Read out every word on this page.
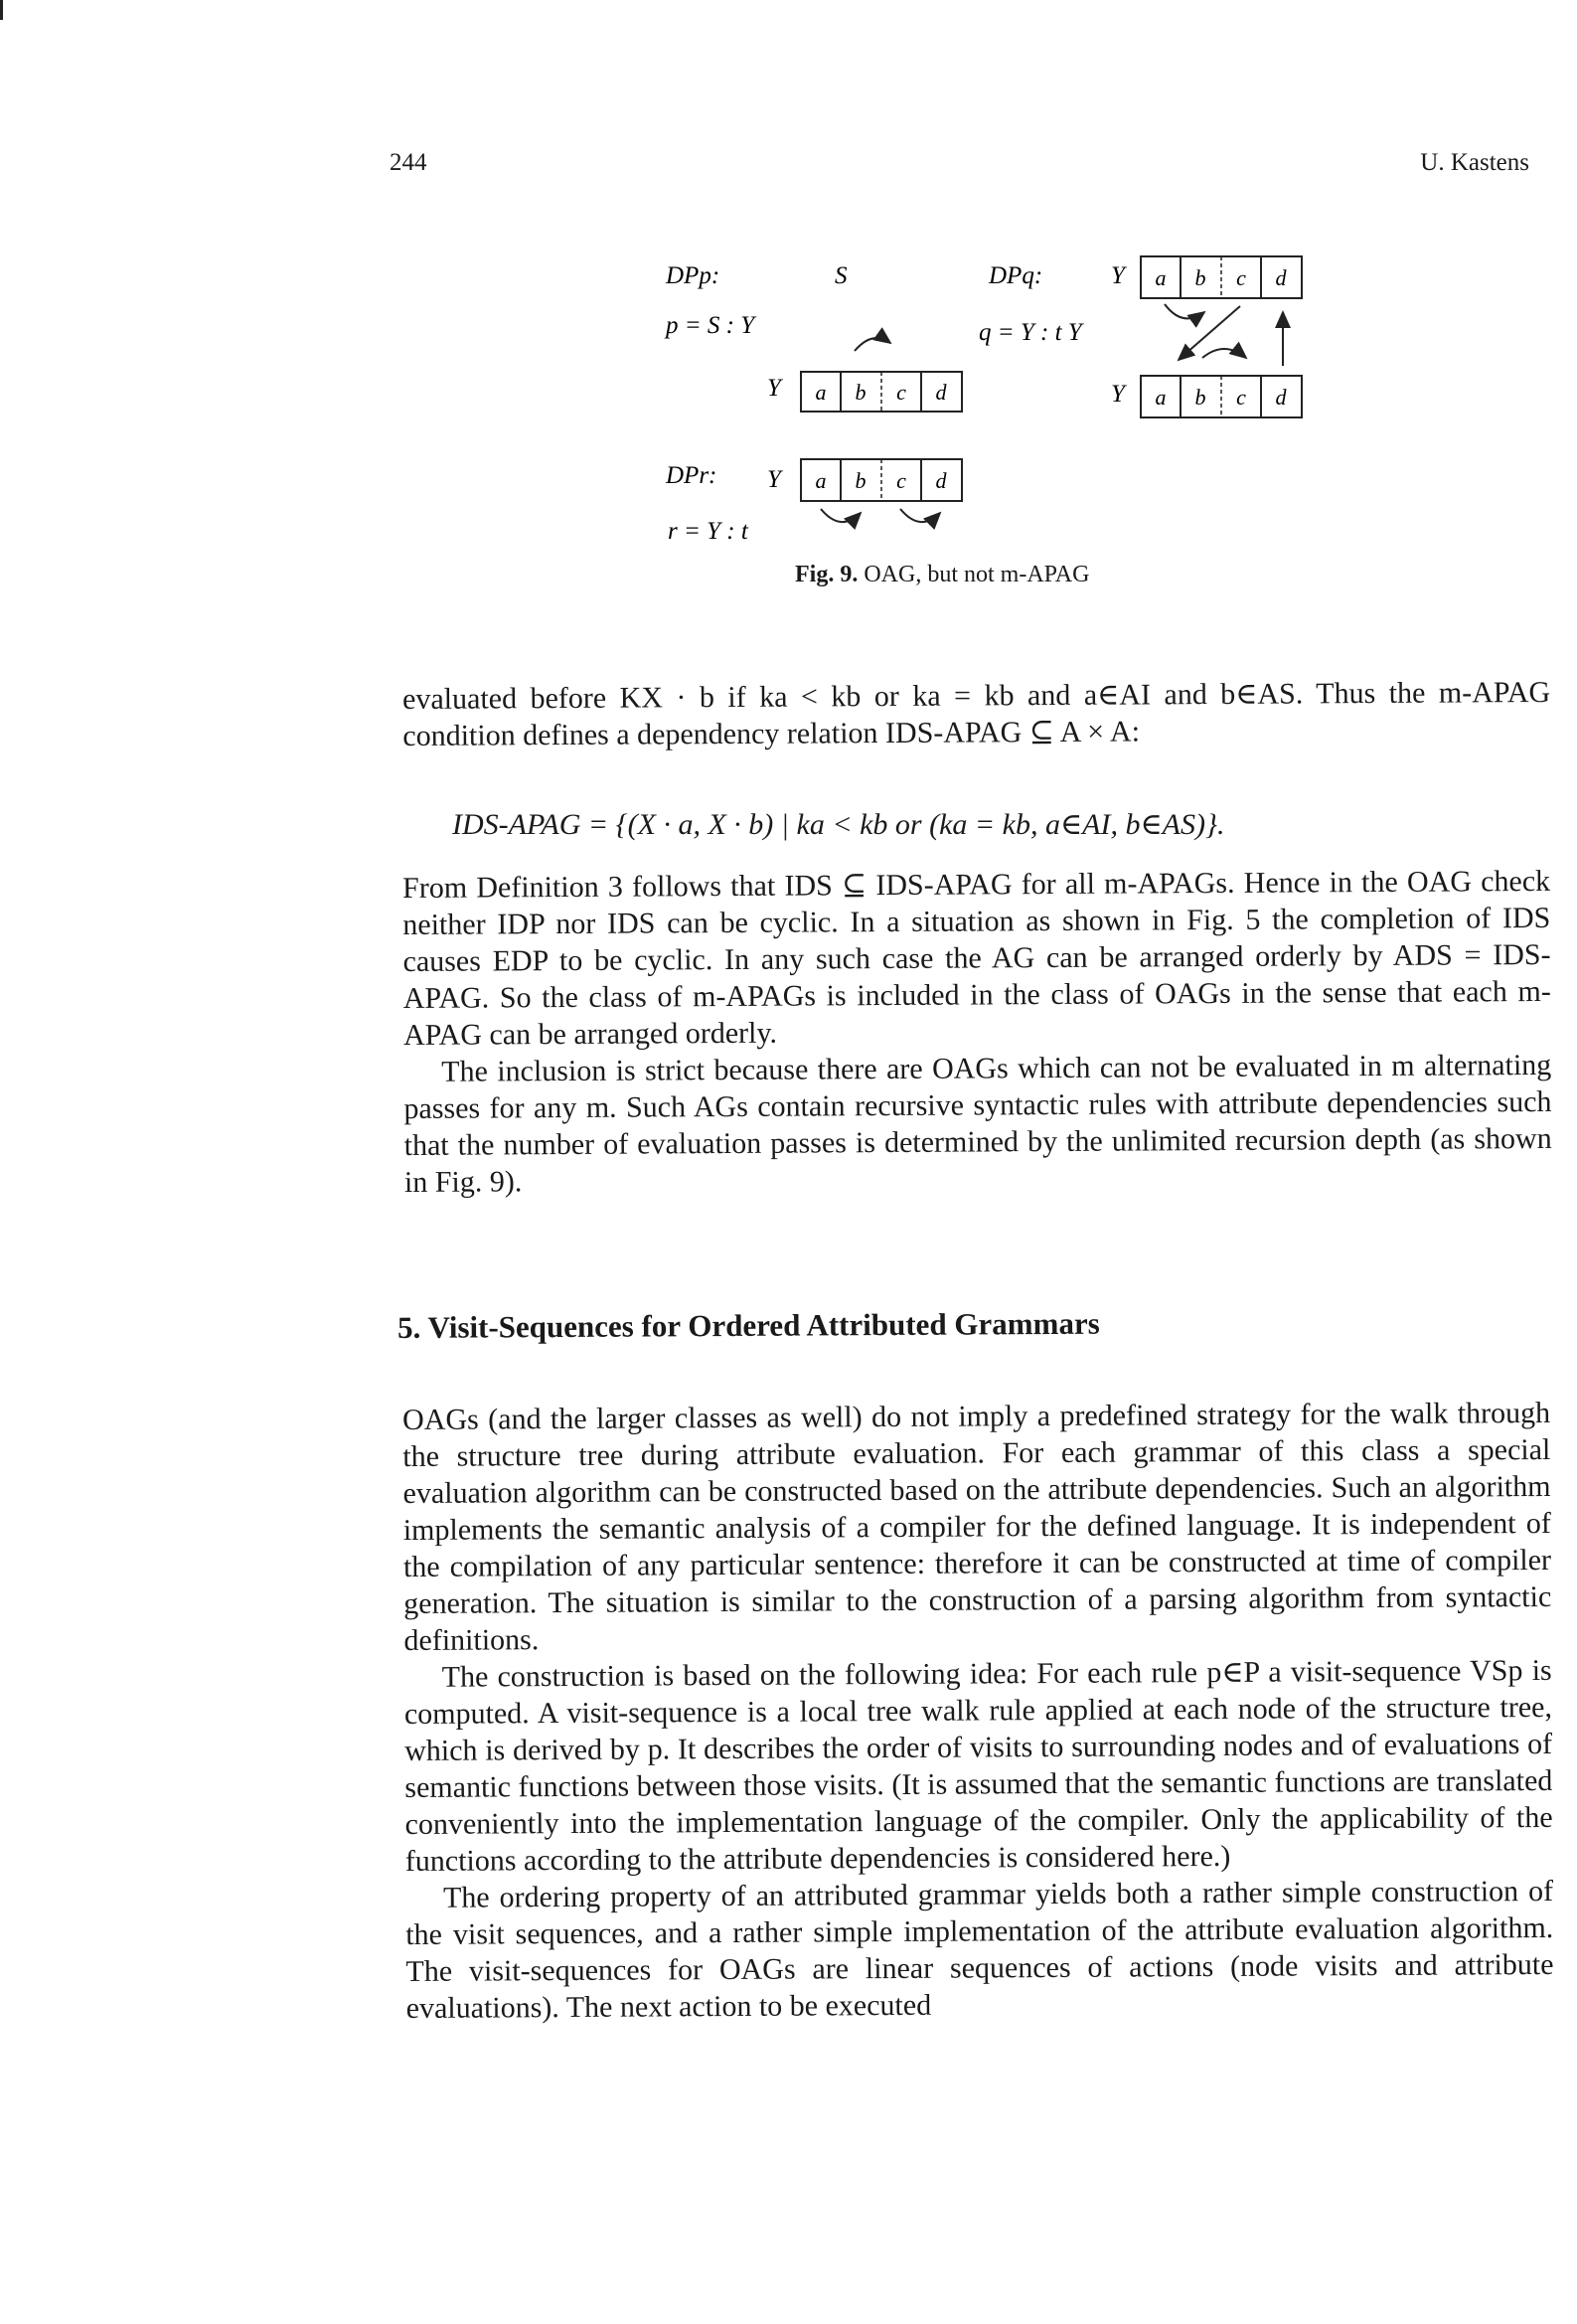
244	U. Kastens
DPp:
p = S : Y
S
Y a b c d
DPq:
q = Y : t Y
Y a b c d
Y a b c d
DPr:
r = Y : t
Y a b c d
Fig. 9. OAG, but not m-APAG

evaluated before KX · b if ka < kb or ka = kb and a∈AI and b∈AS. Thus the m-APAG condition defines a dependency relation IDS-APAG ⊆ A × A:

IDS-APAG = {(X · a, X · b) | ka < kb or (ka = kb, a∈AI, b∈AS)}.

From Definition 3 follows that IDS ⊆ IDS-APAG for all m-APAGs. Hence in the OAG check neither IDP nor IDS can be cyclic. In a situation as shown in Fig. 5 the completion of IDS causes EDP to be cyclic. In any such case the AG can be arranged orderly by ADS = IDS-APAG. So the class of m-APAGs is included in the class of OAGs in the sense that each m-APAG can be arranged orderly.

The inclusion is strict because there are OAGs which can not be evaluated in m alternating passes for any m. Such AGs contain recursive syntactic rules with attribute dependencies such that the number of evaluation passes is determined by the unlimited recursion depth (as shown in Fig. 9).

5. Visit-Sequences for Ordered Attributed Grammars

OAGs (and the larger classes as well) do not imply a predefined strategy for the walk through the structure tree during attribute evaluation. For each grammar of this class a special evaluation algorithm can be constructed based on the attribute dependencies. Such an algorithm implements the semantic analysis of a compiler for the defined language. It is independent of the compilation of any particular sentence: therefore it can be constructed at time of compiler generation. The situation is similar to the construction of a parsing algorithm from syntactic definitions.

The construction is based on the following idea: For each rule p∈P a visit-sequence VSp is computed. A visit-sequence is a local tree walk rule applied at each node of the structure tree, which is derived by p. It describes the order of visits to surrounding nodes and of evaluations of semantic functions between those visits. (It is assumed that the semantic functions are translated conveniently into the implementation language of the compiler. Only the applicability of the functions according to the attribute dependencies is considered here.)

The ordering property of an attributed grammar yields both a rather simple construction of the visit sequences, and a rather simple implementation of the attribute evaluation algorithm. The visit-sequences for OAGs are linear sequences of actions (node visits and attribute evaluations). The next action to be executed
